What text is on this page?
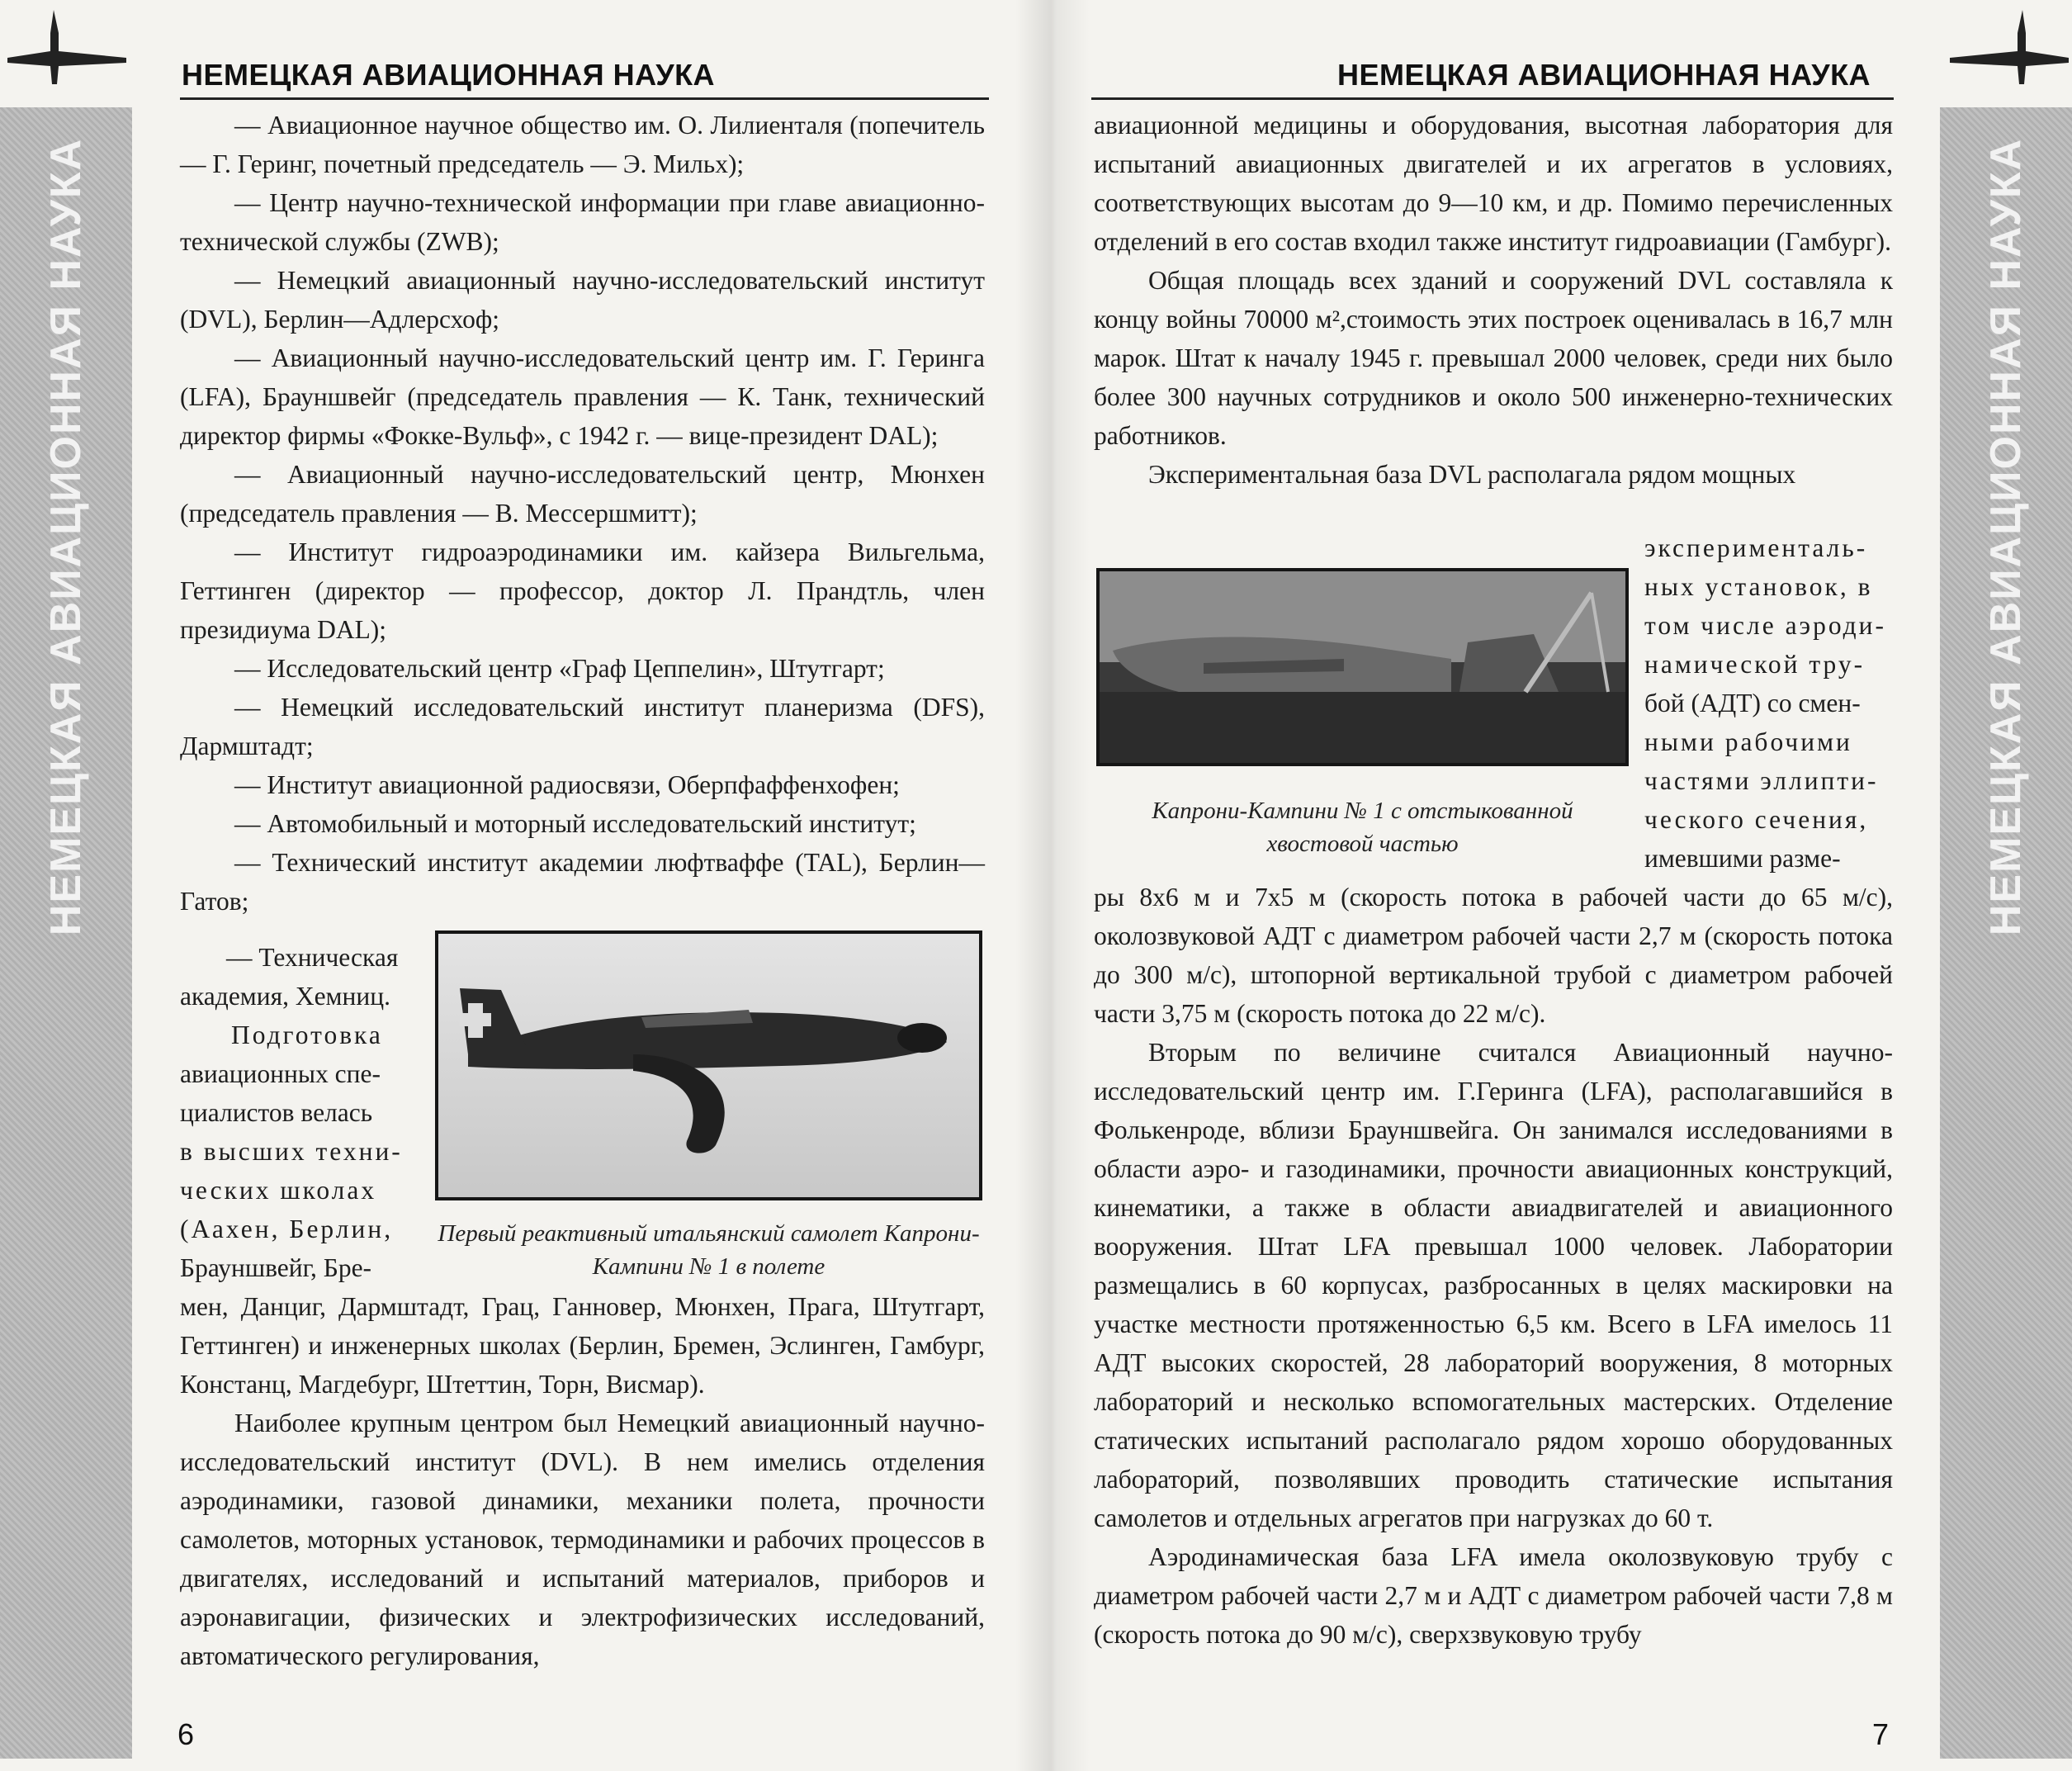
НЕМЕЦКАЯ АВИАЦИОННАЯ НАУКА
НЕМЕЦКАЯ АВИАЦИОННАЯ НАУКА

— Авиационное научное общество им. О. Лилиенталя (попечитель — Г. Геринг, почетный председатель — Э. Мильх);

— Центр научно-технической информации при главе авиационно-технической службы (ZWB);

— Немецкий авиационный научно-исследовательский институт (DVL), Берлин—Адлерсхоф;

— Авиационный научно-исследовательский центр им. Г. Геринга (LFA), Брауншвейг (председатель правления — К. Танк, технический директор фирмы «Фокке-Вульф», с 1942 г. — вице-президент DAL);

— Авиационный научно-исследовательский центр, Мюнхен (председатель правления — В. Мессершмитт);

— Институт гидроаэродинамики им. кайзера Вильгельма, Геттинген (директор — профессор, доктор Л. Прандтль, член президиума DAL);

— Исследовательский центр «Граф Цеппелин», Штутгарт;

— Немецкий исследовательский институт планеризма (DFS), Дармштадт;

— Институт авиационной радиосвязи, Оберпфаффенхофен;

— Автомобильный и моторный исследовательский институт;

— Технический институт академии люфтваффе (TAL), Берлин—Гатов;

— Техническая
академия, Хемниц.
Подготовка
авиационных спе-
циалистов велась
в высших техни-
ческих школах
(Аахен, Берлин,
Брауншвейг, Бре-
Первый реактивный итальянский самолет Капрони-Кампини № 1 в полете
мен, Данциг, Дармштадт, Грац, Ганновер, Мюнхен, Прага, Штутгарт, Геттинген) и инженерных школах (Берлин, Бремен, Эслинген, Гамбург, Констанц, Магдебург, Штеттин, Торн, Висмар).
Наиболее крупным центром был Немецкий авиационный научно-исследовательский институт (DVL). В нем имелись отделения аэродинамики, газовой динамики, механики полета, прочности самолетов, моторных установок, термодинамики и рабочих процессов в двигателях, исследований и испытаний материалов, приборов и аэронавигации, физических и электрофизических исследований, автоматического регулирования,
6
НЕМЕЦКАЯ АВИАЦИОННАЯ НАУКА
НЕМЕЦКАЯ АВИАЦИОННАЯ НАУКА

авиационной медицины и оборудования, высотная лаборатория для испытаний авиационных двигателей и их агрегатов в условиях, соответствующих высотам до 9—10 км, и др. Помимо перечисленных отделений в его состав входил также институт гидроавиации (Гамбург).

Общая площадь всех зданий и сооружений DVL составляла к концу войны 70000 м²,стоимость этих построек оценивалась в 16,7 млн марок. Штат к началу 1945 г. превышал 2000 человек, среди них было более 300 научных сотрудников и около 500 инженерно-технических работников.

Экспериментальная база DVL располагала рядом мощных

Капрони-Кампини № 1 с отстыкованной хвостовой частью
эксперименталь-
ных установок, в
том числе аэроди-
намической тру-
бой (АДТ) со смен-
ными рабочими
частями эллипти-
ческого сечения,
имевшими разме-

ры 8х6 м и 7х5 м (скорость потока в рабочей части до 65 м/с), околозвуковой АДТ с диаметром рабочей части 2,7 м (скорость потока до 300 м/с), штопорной вертикальной трубой с диаметром рабочей части 3,75 м (скорость потока до 22 м/с).

Вторым по величине считался Авиационный научно-исследовательский центр им. Г.Геринга (LFA), располагавшийся в Фолькенроде, вблизи Брауншвейга. Он занимался исследованиями в области аэро- и газодинамики, прочности авиационных конструкций, кинематики, а также в области авиадвигателей и авиационного вооружения. Штат LFA превышал 1000 человек. Лаборатории размещались в 60 корпусах, разбросанных в целях маскировки на участке местности протяженностью 6,5 км. Всего в LFA имелось 11 АДТ высоких скоростей, 28 лабораторий вооружения, 8 моторных лабораторий и несколько вспомогательных мастерских. Отделение статических испытаний располагало рядом хорошо оборудованных лабораторий, позволявших проводить статические испытания самолетов и отдельных агрегатов при нагрузках до 60 т.

Аэродинамическая база LFA имела околозвуковую трубу с диаметром рабочей части 2,7 м и АДТ с диаметром рабочей части 7,8 м (скорость потока до 90 м/с), сверхзвуковую трубу

7
